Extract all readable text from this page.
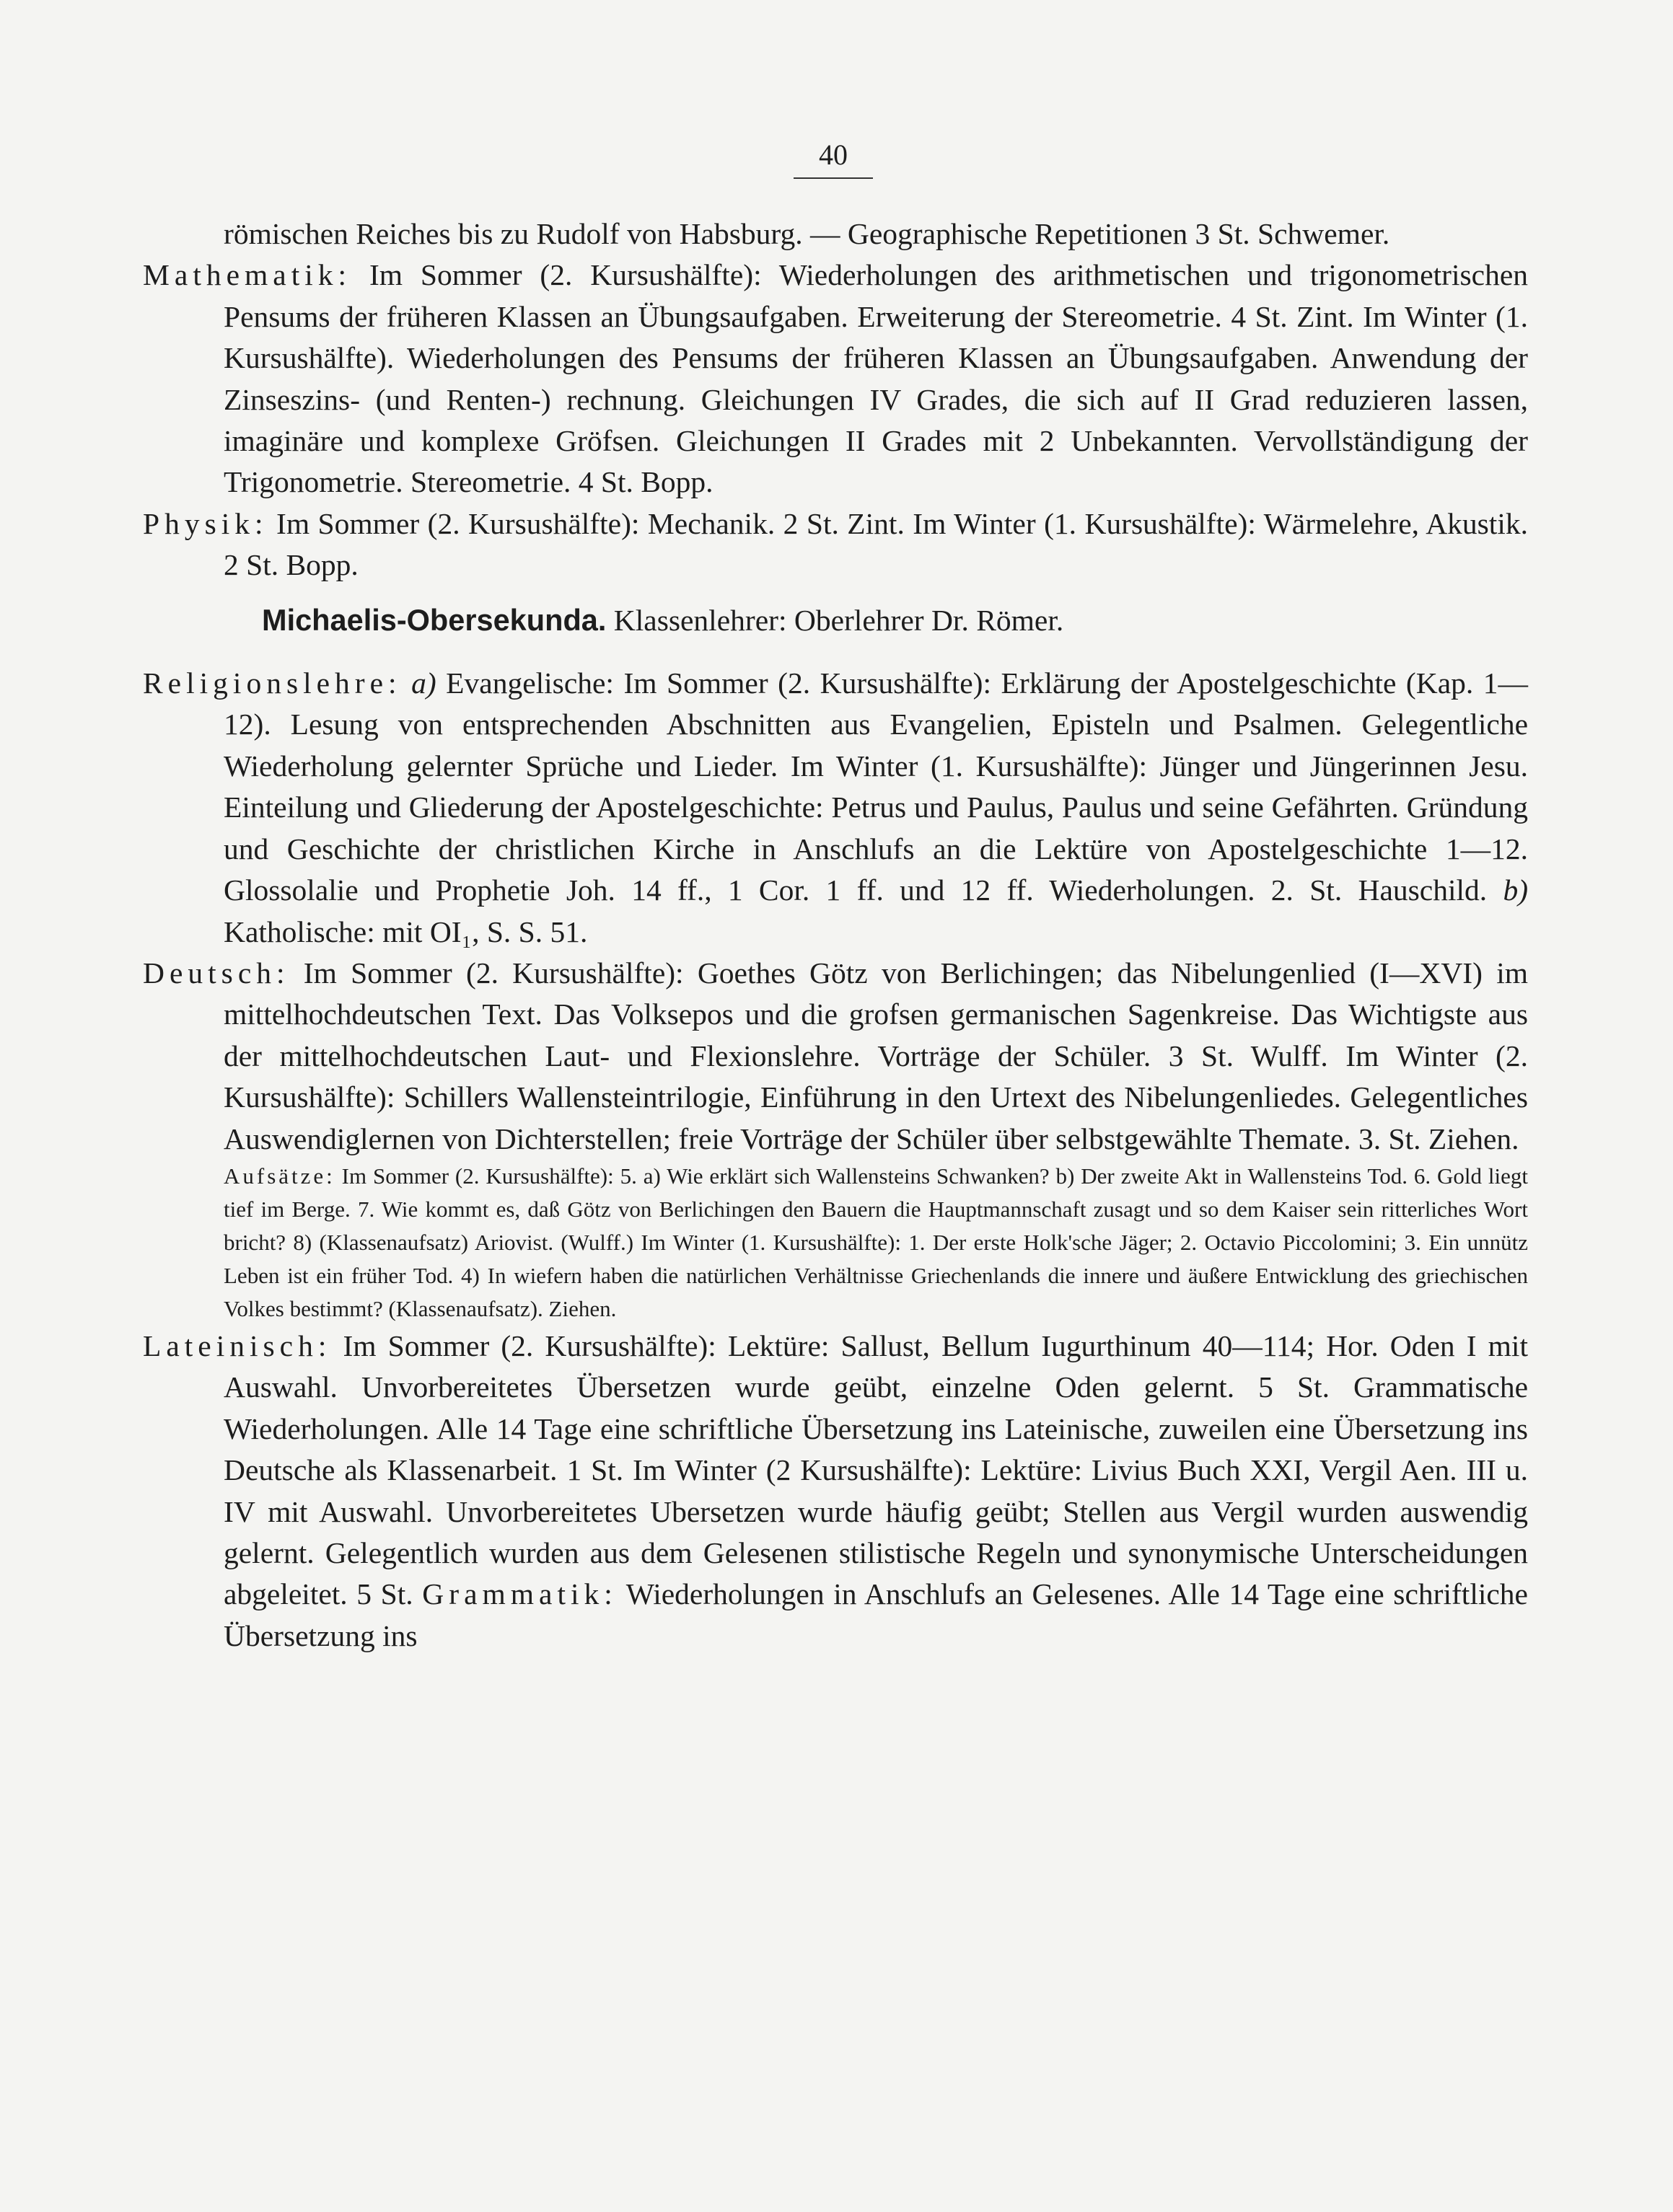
40

römischen Reiches bis zu Rudolf von Habsburg. — Geographische Repetitionen 3 St. Schwemer.

Mathematik: Im Sommer (2. Kursushälfte): Wiederholungen des arithmetischen und trigonometrischen Pensums der früheren Klassen an Übungsaufgaben. Erweiterung der Stereometrie. 4 St. Zint. Im Winter (1. Kursushälfte). Wiederholungen des Pensums der früheren Klassen an Übungsaufgaben. Anwendung der Zinseszins- (und Renten-) rechnung. Gleichungen IV Grades, die sich auf II Grad reduzieren lassen, imaginäre und komplexe Gröfsen. Gleichungen II Grades mit 2 Unbekannten. Vervollständigung der Trigonometrie. Stereometrie. 4 St. Bopp.

Physik: Im Sommer (2. Kursushälfte): Mechanik. 2 St. Zint. Im Winter (1. Kursushälfte): Wärmelehre, Akustik. 2 St. Bopp.

Michaelis-Obersekunda. Klassenlehrer: Oberlehrer Dr. Römer.

Religionslehre: a) Evangelische: Im Sommer (2. Kursushälfte): Erklärung der Apostelgeschichte (Kap. 1—12). Lesung von entsprechenden Abschnitten aus Evangelien, Episteln und Psalmen. Gelegentliche Wiederholung gelernter Sprüche und Lieder. Im Winter (1. Kursushälfte): Jünger und Jüngerinnen Jesu. Einteilung und Gliederung der Apostelgeschichte: Petrus und Paulus, Paulus und seine Gefährten. Gründung und Geschichte der christlichen Kirche in Anschlufs an die Lektüre von Apostelgeschichte 1—12. Glossolalie und Prophetie Joh. 14 ff., 1 Cor. 1 ff. und 12 ff. Wiederholungen. 2. St. Hauschild. b) Katholische: mit OI₁, S. S. 51.

Deutsch: Im Sommer (2. Kursushälfte): Goethes Götz von Berlichingen; das Nibelungenlied (I—XVI) im mittelhochdeutschen Text. Das Volksepos und die grofsen germanischen Sagenkreise. Das Wichtigste aus der mittelhochdeutschen Laut- und Flexionslehre. Vorträge der Schüler. 3 St. Wulff. Im Winter (2. Kursushälfte): Schillers Wallensteintrilogie, Einführung in den Urtext des Nibelungenliedes. Gelegentliches Auswendiglernen von Dichterstellen; freie Vorträge der Schüler über selbstgewählte Themate. 3. St. Ziehen.

Aufsätze: Im Sommer (2. Kursushälfte): 5. a) Wie erklärt sich Wallensteins Schwanken? b) Der zweite Akt in Wallensteins Tod. 6. Gold liegt tief im Berge. 7. Wie kommt es, daß Götz von Berlichingen den Bauern die Hauptmannschaft zusagt und so dem Kaiser sein ritterliches Wort bricht? 8) (Klassenaufsatz) Ariovist. (Wulff.) Im Winter (1. Kursushälfte): 1. Der erste Holk'sche Jäger; 2. Octavio Piccolomini; 3. Ein unnütz Leben ist ein früher Tod. 4) In wiefern haben die natürlichen Verhältnisse Griechenlands die innere und äußere Entwicklung des griechischen Volkes bestimmt? (Klassenaufsatz). Ziehen.

Lateinisch: Im Sommer (2. Kursushälfte): Lektüre: Sallust, Bellum Iugurthinum 40—114; Hor. Oden I mit Auswahl. Unvorbereitetes Übersetzen wurde geübt, einzelne Oden gelernt. 5 St. Grammatische Wiederholungen. Alle 14 Tage eine schriftliche Übersetzung ins Lateinische, zuweilen eine Übersetzung ins Deutsche als Klassenarbeit. 1 St. Im Winter (2 Kursushälfte): Lektüre: Livius Buch XXI, Vergil Aen. III u. IV mit Auswahl. Unvorbereitetes Ubersetzen wurde häufig geübt; Stellen aus Vergil wurden auswendig gelernt. Gelegentlich wurden aus dem Gelesenen stilistische Regeln und synonymische Unterscheidungen abgeleitet. 5 St. Grammatik: Wiederholungen in Anschlufs an Gelesenes. Alle 14 Tage eine schriftliche Übersetzung ins
